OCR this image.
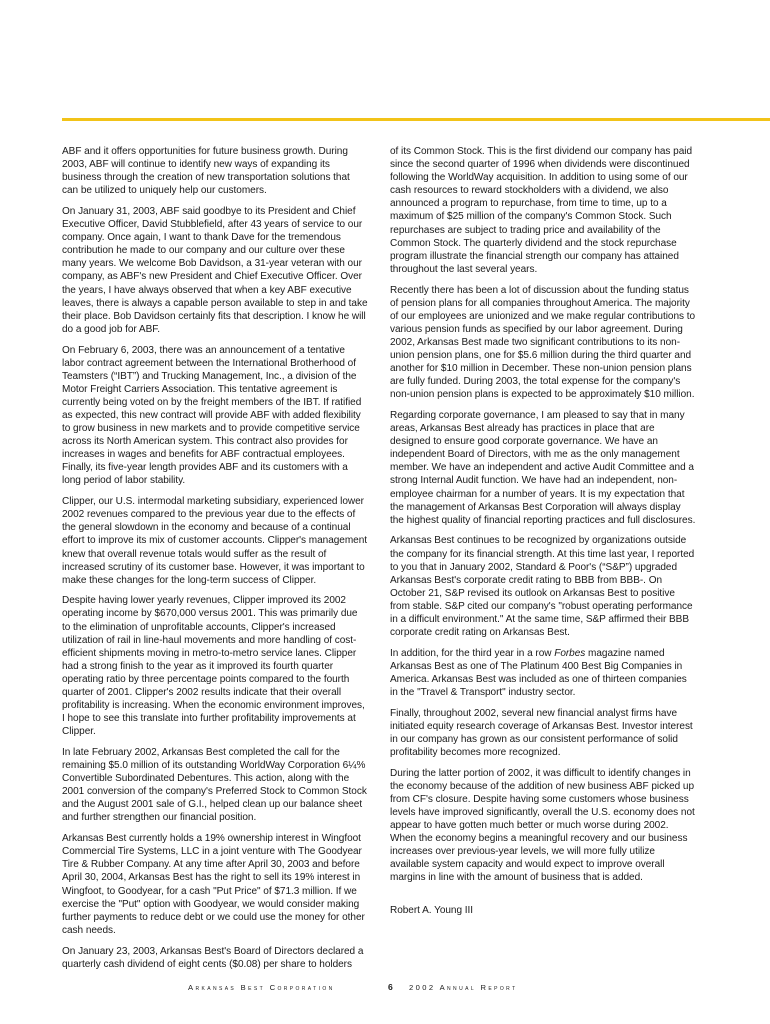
ABF and it offers opportunities for future business growth. During 2003, ABF will continue to identify new ways of expanding its business through the creation of new transportation solutions that can be utilized to uniquely help our customers.

On January 31, 2003, ABF said goodbye to its President and Chief Executive Officer, David Stubblefield, after 43 years of service to our company. Once again, I want to thank Dave for the tremendous contribution he made to our company and our culture over these many years. We welcome Bob Davidson, a 31-year veteran with our company, as ABF's new President and Chief Executive Officer. Over the years, I have always observed that when a key ABF executive leaves, there is always a capable person available to step in and take their place. Bob Davidson certainly fits that description. I know he will do a good job for ABF.

On February 6, 2003, there was an announcement of a tentative labor contract agreement between the International Brotherhood of Teamsters (“IBT”) and Trucking Management, Inc., a division of the Motor Freight Carriers Association. This tentative agreement is currently being voted on by the freight members of the IBT. If ratified as expected, this new contract will provide ABF with added flexibility to grow business in new markets and to provide competitive service across its North American system. This contract also provides for increases in wages and benefits for ABF contractual employees. Finally, its five-year length provides ABF and its customers with a long period of labor stability.

Clipper, our U.S. intermodal marketing subsidiary, experienced lower 2002 revenues compared to the previous year due to the effects of the general slowdown in the economy and because of a continual effort to improve its mix of customer accounts. Clipper's management knew that overall revenue totals would suffer as the result of increased scrutiny of its customer base. However, it was important to make these changes for the long-term success of Clipper.

Despite having lower yearly revenues, Clipper improved its 2002 operating income by $670,000 versus 2001. This was primarily due to the elimination of unprofitable accounts, Clipper's increased utilization of rail in line-haul movements and more handling of cost-efficient shipments moving in metro-to-metro service lanes. Clipper had a strong finish to the year as it improved its fourth quarter operating ratio by three percentage points compared to the fourth quarter of 2001. Clipper's 2002 results indicate that their overall profitability is increasing. When the economic environment improves, I hope to see this translate into further profitability improvements at Clipper.

In late February 2002, Arkansas Best completed the call for the remaining $5.0 million of its outstanding WorldWay Corporation 6¼% Convertible Subordinated Debentures. This action, along with the 2001 conversion of the company's Preferred Stock to Common Stock and the August 2001 sale of G.I., helped clean up our balance sheet and further strengthen our financial position.

Arkansas Best currently holds a 19% ownership interest in Wingfoot Commercial Tire Systems, LLC in a joint venture with The Goodyear Tire & Rubber Company. At any time after April 30, 2003 and before April 30, 2004, Arkansas Best has the right to sell its 19% interest in Wingfoot, to Goodyear, for a cash "Put Price" of $71.3 million. If we exercise the "Put" option with Goodyear, we would consider making further payments to reduce debt or we could use the money for other cash needs.

On January 23, 2003, Arkansas Best's Board of Directors declared a quarterly cash dividend of eight cents ($0.08) per share to holders

of its Common Stock. This is the first dividend our company has paid since the second quarter of 1996 when dividends were discontinued following the WorldWay acquisition. In addition to using some of our cash resources to reward stockholders with a dividend, we also announced a program to repurchase, from time to time, up to a maximum of $25 million of the company's Common Stock. Such repurchases are subject to trading price and availability of the Common Stock. The quarterly dividend and the stock repurchase program illustrate the financial strength our company has attained throughout the last several years.

Recently there has been a lot of discussion about the funding status of pension plans for all companies throughout America. The majority of our employees are unionized and we make regular contributions to various pension funds as specified by our labor agreement. During 2002, Arkansas Best made two significant contributions to its non-union pension plans, one for $5.6 million during the third quarter and another for $10 million in December. These non-union pension plans are fully funded. During 2003, the total expense for the company's non-union pension plans is expected to be approximately $10 million.

Regarding corporate governance, I am pleased to say that in many areas, Arkansas Best already has practices in place that are designed to ensure good corporate governance. We have an independent Board of Directors, with me as the only management member. We have an independent and active Audit Committee and a strong Internal Audit function. We have had an independent, non-employee chairman for a number of years. It is my expectation that the management of Arkansas Best Corporation will always display the highest quality of financial reporting practices and full disclosures.

Arkansas Best continues to be recognized by organizations outside the company for its financial strength. At this time last year, I reported to you that in January 2002, Standard & Poor's (“S&P”) upgraded Arkansas Best's corporate credit rating to BBB from BBB-. On October 21, S&P revised its outlook on Arkansas Best to positive from stable. S&P cited our company's "robust operating performance in a difficult environment." At the same time, S&P affirmed their BBB corporate credit rating on Arkansas Best.

In addition, for the third year in a row Forbes magazine named Arkansas Best as one of The Platinum 400 Best Big Companies in America. Arkansas Best was included as one of thirteen companies in the "Travel & Transport" industry sector.

Finally, throughout 2002, several new financial analyst firms have initiated equity research coverage of Arkansas Best. Investor interest in our company has grown as our consistent performance of solid profitability becomes more recognized.

During the latter portion of 2002, it was difficult to identify changes in the economy because of the addition of new business ABF picked up from CF's closure. Despite having some customers whose business levels have improved significantly, overall the U.S. economy does not appear to have gotten much better or much worse during 2002. When the economy begins a meaningful recovery and our business increases over previous-year levels, we will more fully utilize available system capacity and would expect to improve overall margins in line with the amount of business that is added.

Robert A. Young III

Arkansas Best Corporation	6 2002 Annual Report
